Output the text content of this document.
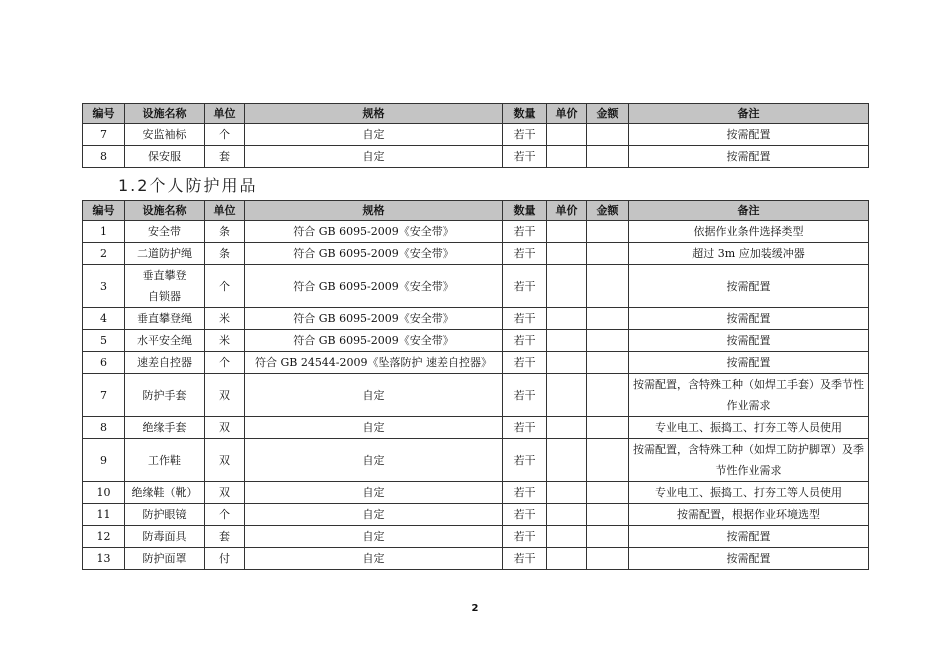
编号	设施名称	单位	规格	数量	单价	金额	备注
7	安监袖标	个	自定	若干			按需配置
8	保安服	套	自定	若干			按需配置
1.2个人防护用品
编号	设施名称	单位	规格	数量	单价	金额	备注
1	安全带	条	符合 GB 6095-2009《安全带》	若干			依据作业条件选择类型
2	二道防护绳	条	符合 GB 6095-2009《安全带》	若干			超过 3m 应加装缓冲器
3	垂直攀登自锁器	个	符合 GB 6095-2009《安全带》	若干			按需配置
4	垂直攀登绳	米	符合 GB 6095-2009《安全带》	若干			按需配置
5	水平安全绳	米	符合 GB 6095-2009《安全带》	若干			按需配置
6	速差自控器	个	符合 GB 24544-2009《坠落防护 速差自控器》	若干			按需配置
7	防护手套	双	自定	若干			按需配置，含特殊工种（如焊工手套）及季节性作业需求
8	绝缘手套	双	自定	若干			专业电工、振捣工、打夯工等人员使用
9	工作鞋	双	自定	若干			按需配置，含特殊工种（如焊工防护脚罩）及季节性作业需求
10	绝缘鞋（靴）	双	自定	若干			专业电工、振捣工、打夯工等人员使用
11	防护眼镜	个	自定	若干			按需配置，根据作业环境选型
12	防毒面具	套	自定	若干			按需配置
13	防护面罩	付	自定	若干			按需配置
2
